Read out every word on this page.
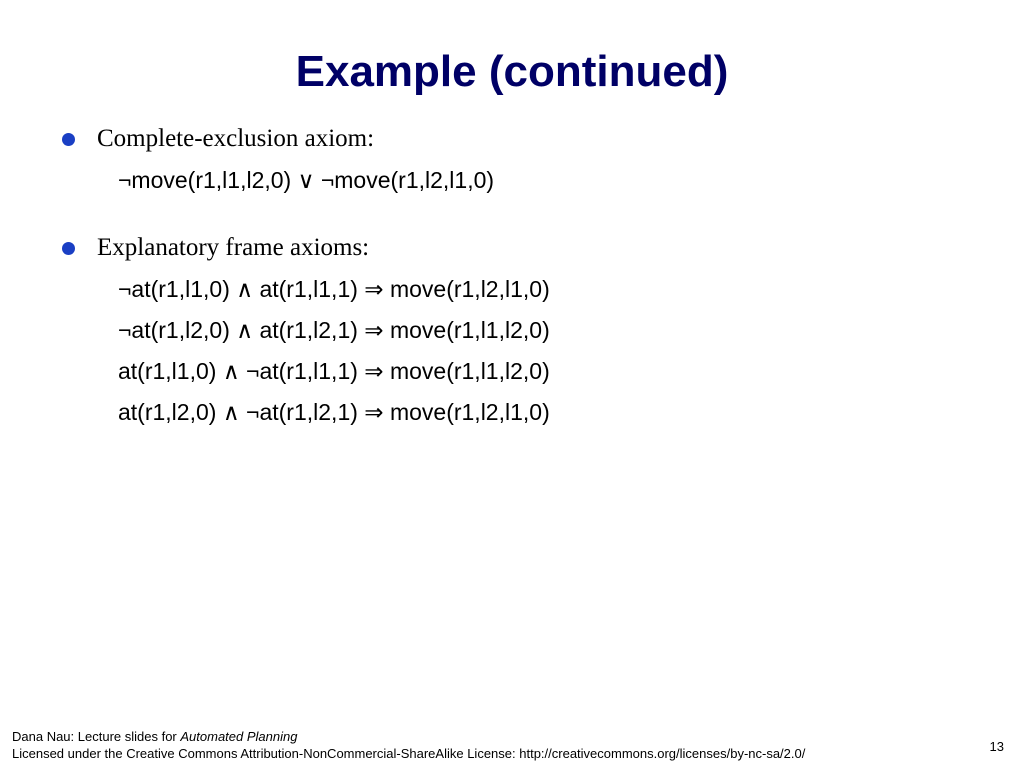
Example (continued)
Complete-exclusion axiom:
¬move(r1,l1,l2,0) ∨ ¬move(r1,l2,l1,0)
Explanatory frame axioms:
¬at(r1,l1,0) ∧ at(r1,l1,1) ⇒ move(r1,l2,l1,0)
¬at(r1,l2,0) ∧ at(r1,l2,1) ⇒ move(r1,l1,l2,0)
at(r1,l1,0) ∧ ¬at(r1,l1,1) ⇒ move(r1,l1,l2,0)
at(r1,l2,0) ∧ ¬at(r1,l2,1) ⇒ move(r1,l2,l1,0)
Dana Nau: Lecture slides for Automated Planning
Licensed under the Creative Commons Attribution-NonCommercial-ShareAlike License: http://creativecommons.org/licenses/by-nc-sa/2.0/	13
